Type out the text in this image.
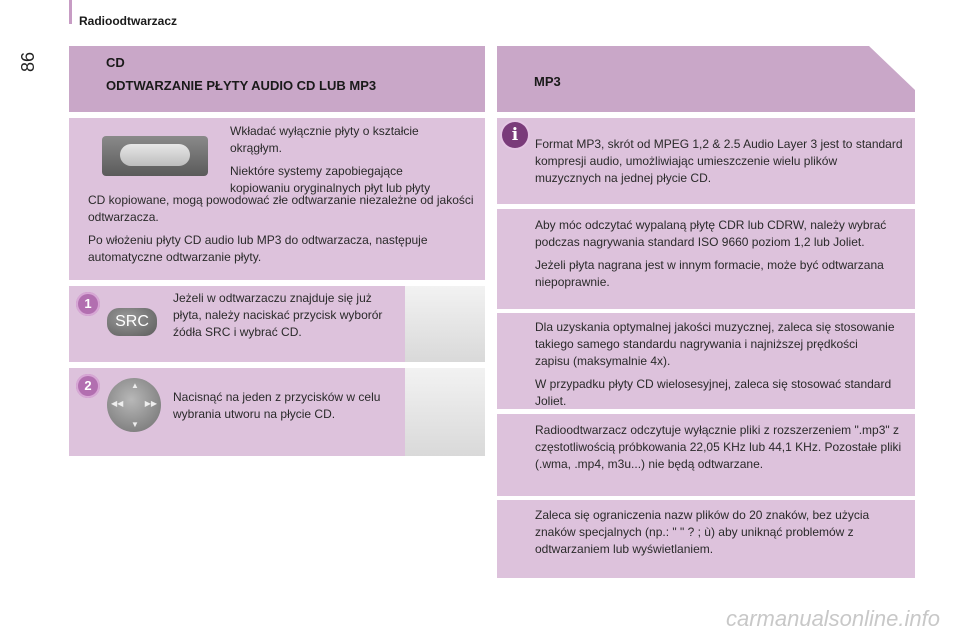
Radioodtwarzacz
86	CD
ODTWARZANIE PŁYTY AUDIO CD LUB MP3

Wkładać wyłącznie płyty o kształcie okrągłym.

Niektóre systemy zapobiegające
kopiowaniu oryginalnych płyt lub płyty

CD kopiowane, mogą powodować złe odtwarzanie niezależne od jakości odtwarzacza.

Po włożeniu płyty CD audio lub MP3 do odtwarzacza, następuje automatyczne odtwarzanie płyty.

1
SRC
Jeżeli w odtwarzaczu znajduje się już płyta, należy naciskać przycisk wyborór źódła SRC i wybrać CD.
2	▲
▼
◀◀	▶▶ Nacisnąć na jeden z przycisków w celu wybrania utworu na płycie CD.
MP3
i	Format MP3, skrót od MPEG 1,2 & 2.5 Audio Layer 3 jest to standard kompresji audio, umożliwiając umieszczenie wielu plików muzycznych na jednej płycie CD.

Aby móc odczytać wypalaną płytę CDR lub CDRW, należy wybrać podczas nagrywania standard ISO 9660 poziom 1,2 lub Joliet.

Jeżeli płyta nagrana jest w innym formacie, może być odtwarzana niepoprawnie.

Dla uzyskania optymalnej jakości muzycznej, zaleca się stosowanie takiego samego standardu nagrywania i najniższej prędkości zapisu (maksymalnie 4x).

W przypadku płyty CD wielosesyjnej, zaleca się stosować standard Joliet.

Radioodtwarzacz odczytuje wyłącznie pliki z rozszerzeniem ".mp3" z częstotliwością próbkowania 22,05 KHz lub 44,1 KHz. Pozostałe pliki (.wma, .mp4, m3u...) nie będą odtwarzane.
Zaleca się ograniczenia nazw plików do 20 znaków, bez użycia znaków specjalnych (np.: " " ? ; ù) aby uniknąć problemów z odtwarzaniem lub wyświetlaniem.
carmanualsonline.info
